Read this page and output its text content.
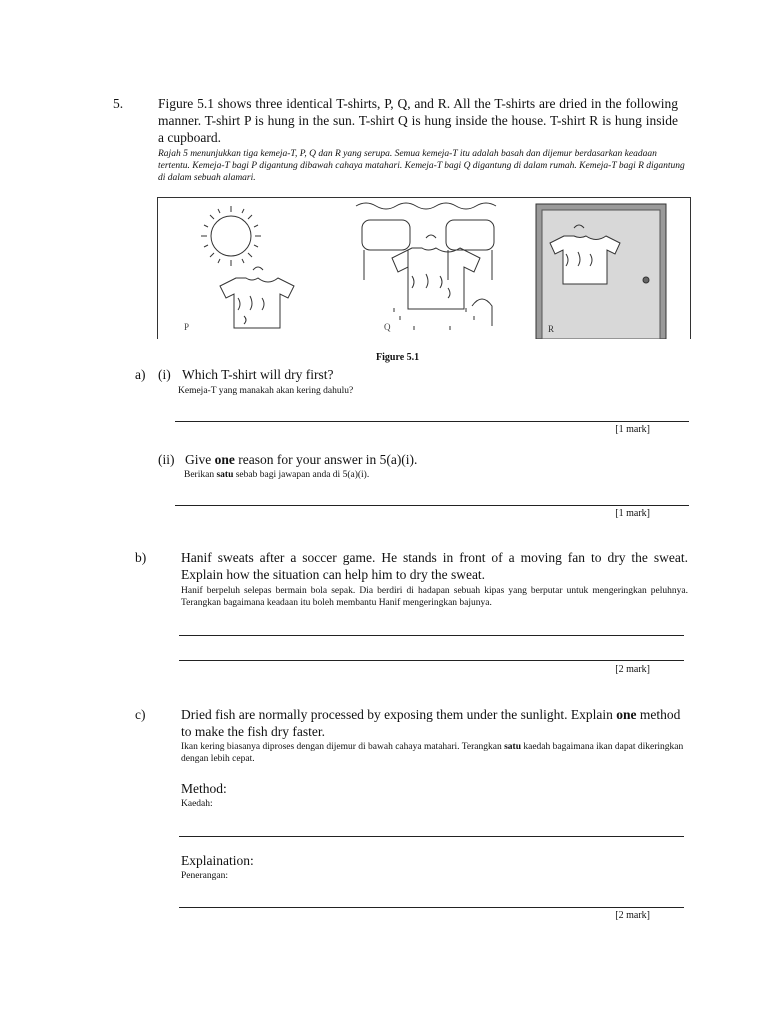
5.	Figure 5.1 shows three identical T-shirts, P, Q, and R. All the T-shirts are dried in the following manner. T-shirt P is hung in the sun. T-shirt Q is hung inside the house. T-shirt R is hung inside a cupboard.
Rajah 5 menunjukkan tiga kemeja-T, P, Q dan R yang serupa. Semua kemeja-T itu adalah basah dan dijemur berdasarkan keadaan tertentu. Kemeja-T bagi P digantung dibawah cahaya matahari. Kemeja-T bagi Q digantung di dalam rumah. Kemeja-T bagi R digantung di dalam sebuah alamari.
P	Q	R
Figure 5.1
a) (i) Which T-shirt will dry first?
Kemeja-T yang manakah akan kering dahulu?
[1 mark]
(ii) Give one reason for your answer in 5(a)(i).
Berikan satu sebab bagi jawapan anda di 5(a)(i).
[1 mark]
b)	Hanif sweats after a soccer game. He stands in front of a moving fan to dry the sweat. Explain how the situation can help him to dry the sweat.
Hanif berpeluh selepas bermain bola sepak. Dia berdiri di hadapan sebuah kipas yang berputar untuk mengeringkan peluhnya. Terangkan bagaimana keadaan itu boleh membantu Hanif mengeringkan bajunya.
[2 mark]
c)	Dried fish are normally processed by exposing them under the sunlight. Explain one method to make the fish dry faster.
Ikan kering biasanya diproses dengan dijemur di bawah cahaya matahari. Terangkan satu kaedah bagaimana ikan dapat dikeringkan dengan lebih cepat.
Method:
Kaedah:
Explaination:
Penerangan:
[2 mark]
